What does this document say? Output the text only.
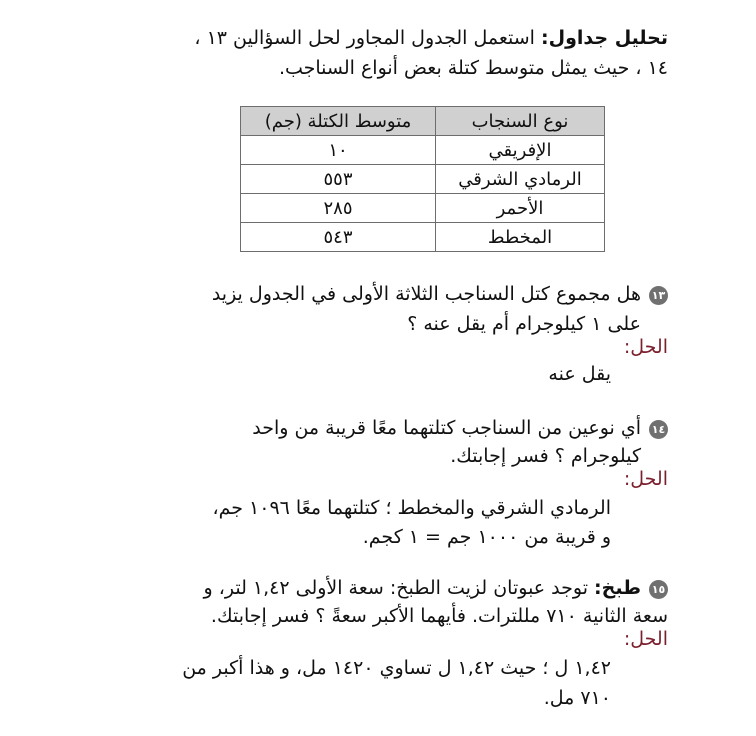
تحليل جداول: استعمل الجدول المجاور لحل السؤالين ١٣ ،
١٤ ، حيث يمثل متوسط كتلة بعض أنواع السناجب.
نوع السنجاب	متوسط الكتلة (جم)
الإفريقي	١٠
الرمادي الشرقي	٥٥٣
الأحمر	٢٨٥
المخطط	٥٤٣
١٣
هل مجموع كتل السناجب الثلاثة الأولى في الجدول يزيد
على ١ كيلوجرام أم يقل عنه ؟
الحل:
يقل عنه
١٤
أي نوعين من السناجب كتلتهما معًا قريبة من واحد
كيلوجرام ؟ فسر إجابتك.
الحل:
الرمادي الشرقي والمخطط ؛ كتلتهما معًا ١٠٩٦ جم،
و قريبة من ١٠٠٠ جم = ١ كجم.
١٥
طبخ: توجد عبوتان لزيت الطبخ: سعة الأولى ١,٤٢ لتر، و
سعة الثانية ٧١٠ مللترات. فأيهما الأكبر سعةً ؟ فسر إجابتك.
الحل:
١,٤٢ ل ؛ حيث ١,٤٢ ل تساوي ١٤٢٠ مل، و هذا أكبر من
٧١٠ مل.
